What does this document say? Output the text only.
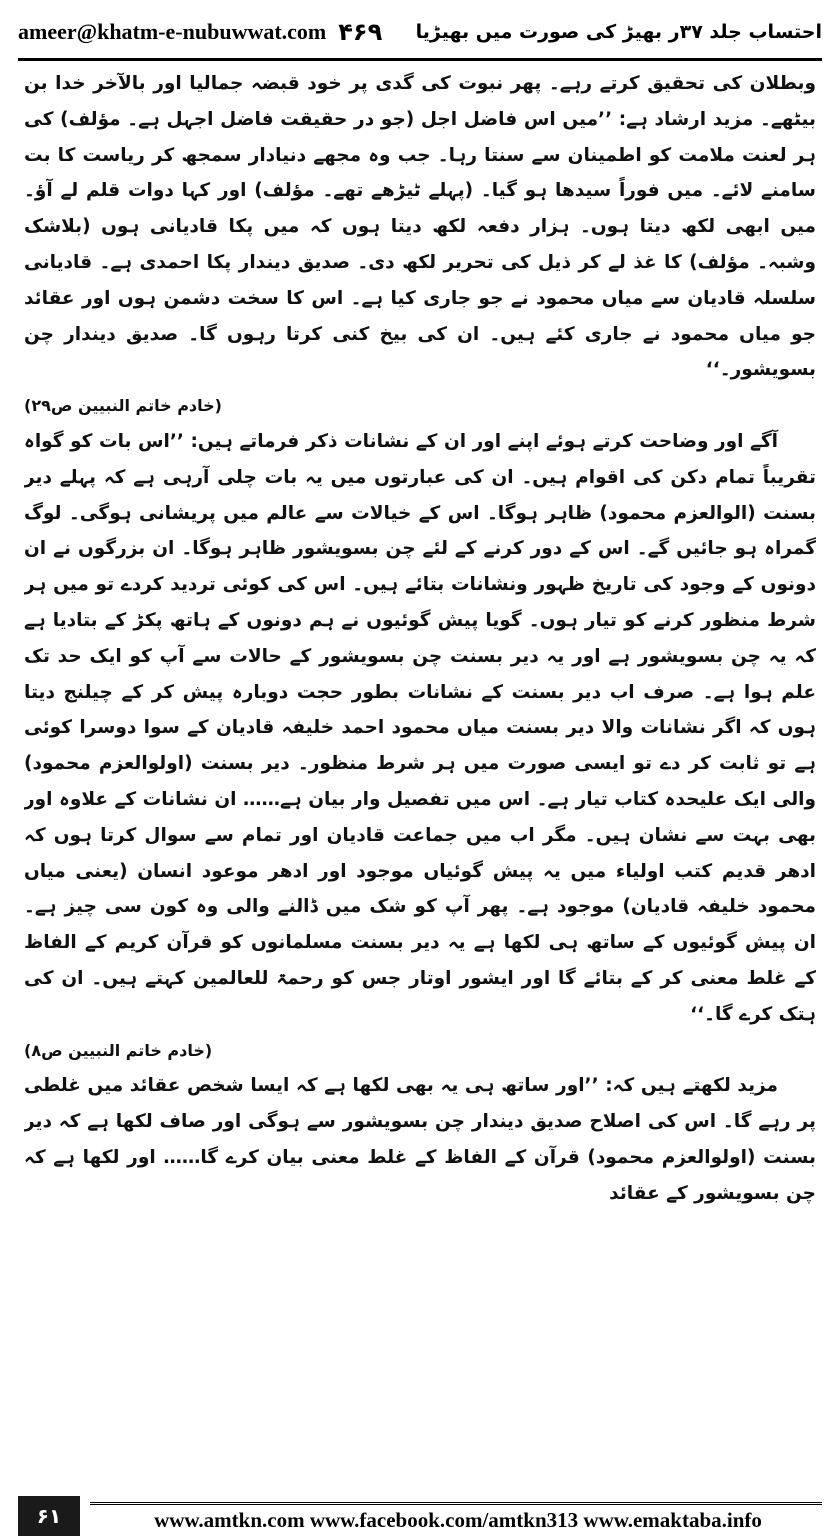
ameer@khatm-e-nubuwwat.com ۴۶۹ احتساب جلد ۳۷ر بھیڑ کی صورت میں بھیڑیا

وبطلان کی تحقیق کرتے رہے۔ پھر نبوت کی گدی پر خود قبضہ جمالیا اور بالآخر خدا بن بیٹھے۔ مزید ارشاد ہے: ’’میں اس فاضل اجل (جو در حقیقت فاضل اجہل ہے۔ مؤلف) کی ہر لعنت ملامت کو اطمینان سے سنتا رہا۔ جب وہ مجھے دنیادار سمجھ کر ریاست کا بت سامنے لائے۔ میں فوراً سیدھا ہو گیا۔ (پہلے ٹیڑھے تھے۔ مؤلف) اور کہا دوات قلم لے آؤ۔ میں ابھی لکھ دیتا ہوں۔ ہزار دفعہ لکھ دیتا ہوں کہ میں پکا قادیانی ہوں (بلاشک وشبہ۔ مؤلف) کا غذ لے کر ذیل کی تحریر لکھ دی۔ صدیق دیندار پکا احمدی ہے۔ قادیانی سلسلہ قادیان سے میاں محمود نے جو جاری کیا ہے۔ اس کا سخت دشمن ہوں اور عقائد جو میاں محمود نے جاری کئے ہیں۔ ان کی بیخ کنی کرتا رہوں گا۔ صدیق دیندار چن بسویشور۔‘‘

(خادم خاتم النبیین ص۲۹)

آگے اور وضاحت کرتے ہوئے اپنے اور ان کے نشانات ذکر فرماتے ہیں: ’’اس بات کو گواہ تقریباً تمام دکن کی اقوام ہیں۔ ان کی عبارتوں میں یہ بات چلی آرہی ہے کہ پہلے دیر بسنت (الوالعزم محمود) ظاہر ہوگا۔ اس کے خیالات سے عالم میں پریشانی ہوگی۔ لوگ گمراہ ہو جائیں گے۔ اس کے دور کرنے کے لئے چن بسویشور ظاہر ہوگا۔ ان بزرگوں نے ان دونوں کے وجود کی تاریخ ظہور ونشانات بتائے ہیں۔ اس کی کوئی تردید کردے تو میں ہر شرط منظور کرنے کو تیار ہوں۔ گویا پیش گوئیوں نے ہم دونوں کے ہاتھ پکڑ کے بتادیا ہے کہ یہ چن بسویشور ہے اور یہ دیر بسنت چن بسویشور کے حالات سے آپ کو ایک حد تک علم ہوا ہے۔ صرف اب دیر بسنت کے نشانات بطور حجت دوبارہ پیش کر کے چیلنج دیتا ہوں کہ اگر نشانات والا دیر بسنت میاں محمود احمد خلیفہ قادیان کے سوا دوسرا کوئی ہے تو ثابت کر دے تو ایسی صورت میں ہر شرط منظور۔ دیر بسنت (اولوالعزم محمود) والی ایک علیحدہ کتاب تیار ہے۔ اس میں تفصیل وار بیان ہے…… ان نشانات کے علاوہ اور بھی بہت سے نشان ہیں۔ مگر اب میں جماعت قادیان اور تمام سے سوال کرتا ہوں کہ ادھر قدیم کتب اولیاء میں یہ پیش گوئیاں موجود اور ادھر موعود انسان (یعنی میاں محمود خلیفہ قادیان) موجود ہے۔ پھر آپ کو شک میں ڈالنے والی وہ کون سی چیز ہے۔ ان پیش گوئیوں کے ساتھ ہی لکھا ہے یہ دیر بسنت مسلمانوں کو قرآن کریم کے الفاظ کے غلط معنی کر کے بتائے گا اور ایشور اوتار جس کو رحمۃ للعالمین کہتے ہیں۔ ان کی ہتک کرے گا۔‘‘

(خادم خاتم النبیین ص۸)

مزید لکھتے ہیں کہ: ’’اور ساتھ ہی یہ بھی لکھا ہے کہ ایسا شخص عقائد میں غلطی پر رہے گا۔ اس کی اصلاح صدیق دیندار چن بسویشور سے ہوگی اور صاف لکھا ہے کہ دیر بسنت (اولوالعزم محمود) قرآن کے الفاظ کے غلط معنی بیان کرے گا…… اور لکھا ہے کہ چن بسویشور کے عقائد

۶۱	www.amtkn.com www.facebook.com/amtkn313 www.emaktaba.info
